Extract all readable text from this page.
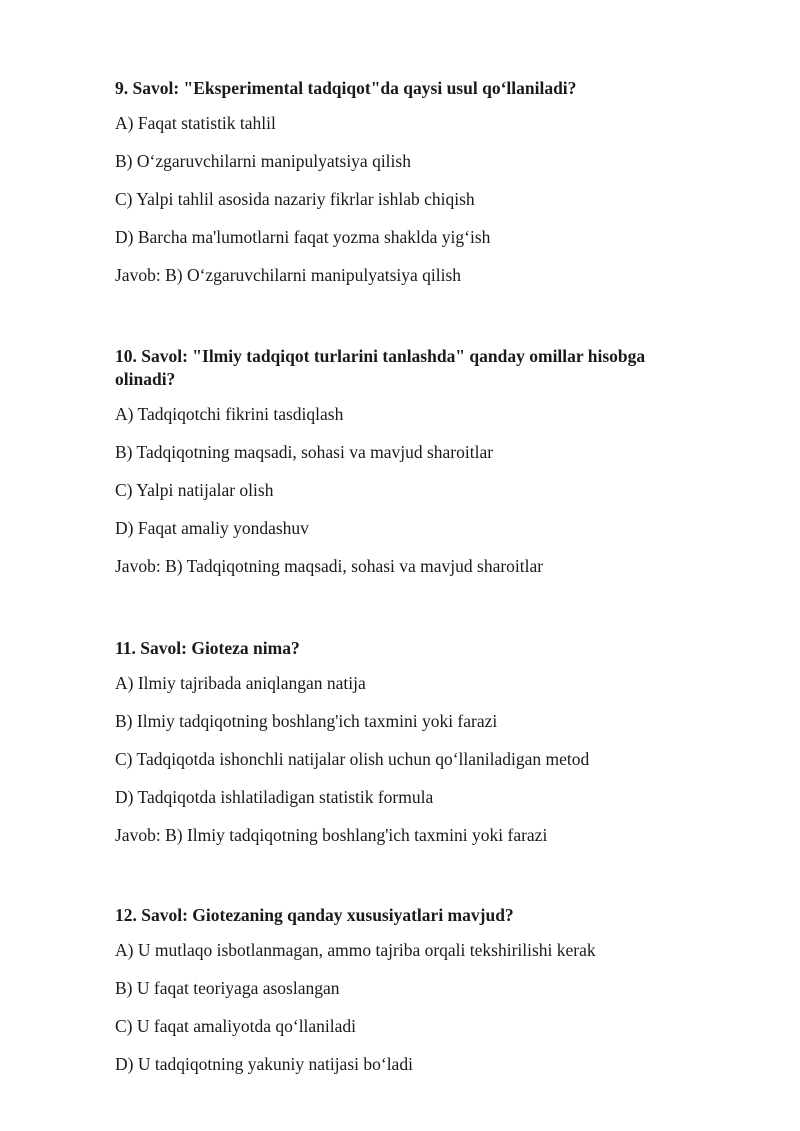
9. Savol: "Eksperimental tadqiqot"da qaysi usul qo‘llaniladi?
A) Faqat statistik tahlil
B) O‘zgaruvchilarni manipulyatsiya qilish
C) Yalpi tahlil asosida nazariy fikrlar ishlab chiqish
D) Barcha ma'lumotlarni faqat yozma shaklda yig‘ish
Javob: B) O‘zgaruvchilarni manipulyatsiya qilish
10. Savol: "Ilmiy tadqiqot turlarini tanlashda" qanday omillar hisobga olinadi?
A) Tadqiqotchi fikrini tasdiqlash
B) Tadqiqotning maqsadi, sohasi va mavjud sharoitlar
C) Yalpi natijalar olish
D) Faqat amaliy yondashuv
Javob: B) Tadqiqotning maqsadi, sohasi va mavjud sharoitlar
11. Savol: Gioteza nima?
A) Ilmiy tajribada aniqlangan natija
B) Ilmiy tadqiqotning boshlang'ich taxmini yoki farazi
C) Tadqiqotda ishonchli natijalar olish uchun qo‘llaniladigan metod
D) Tadqiqotda ishlatiladigan statistik formula
Javob: B) Ilmiy tadqiqotning boshlang'ich taxmini yoki farazi
12. Savol: Giotezaning qanday xususiyatlari mavjud?
A) U mutlaqo isbotlanmagan, ammo tajriba orqali tekshirilishi kerak
B) U faqat teoriyaga asoslangan
C) U faqat amaliyotda qo‘llaniladi
D) U tadqiqotning yakuniy natijasi bo‘ladi
